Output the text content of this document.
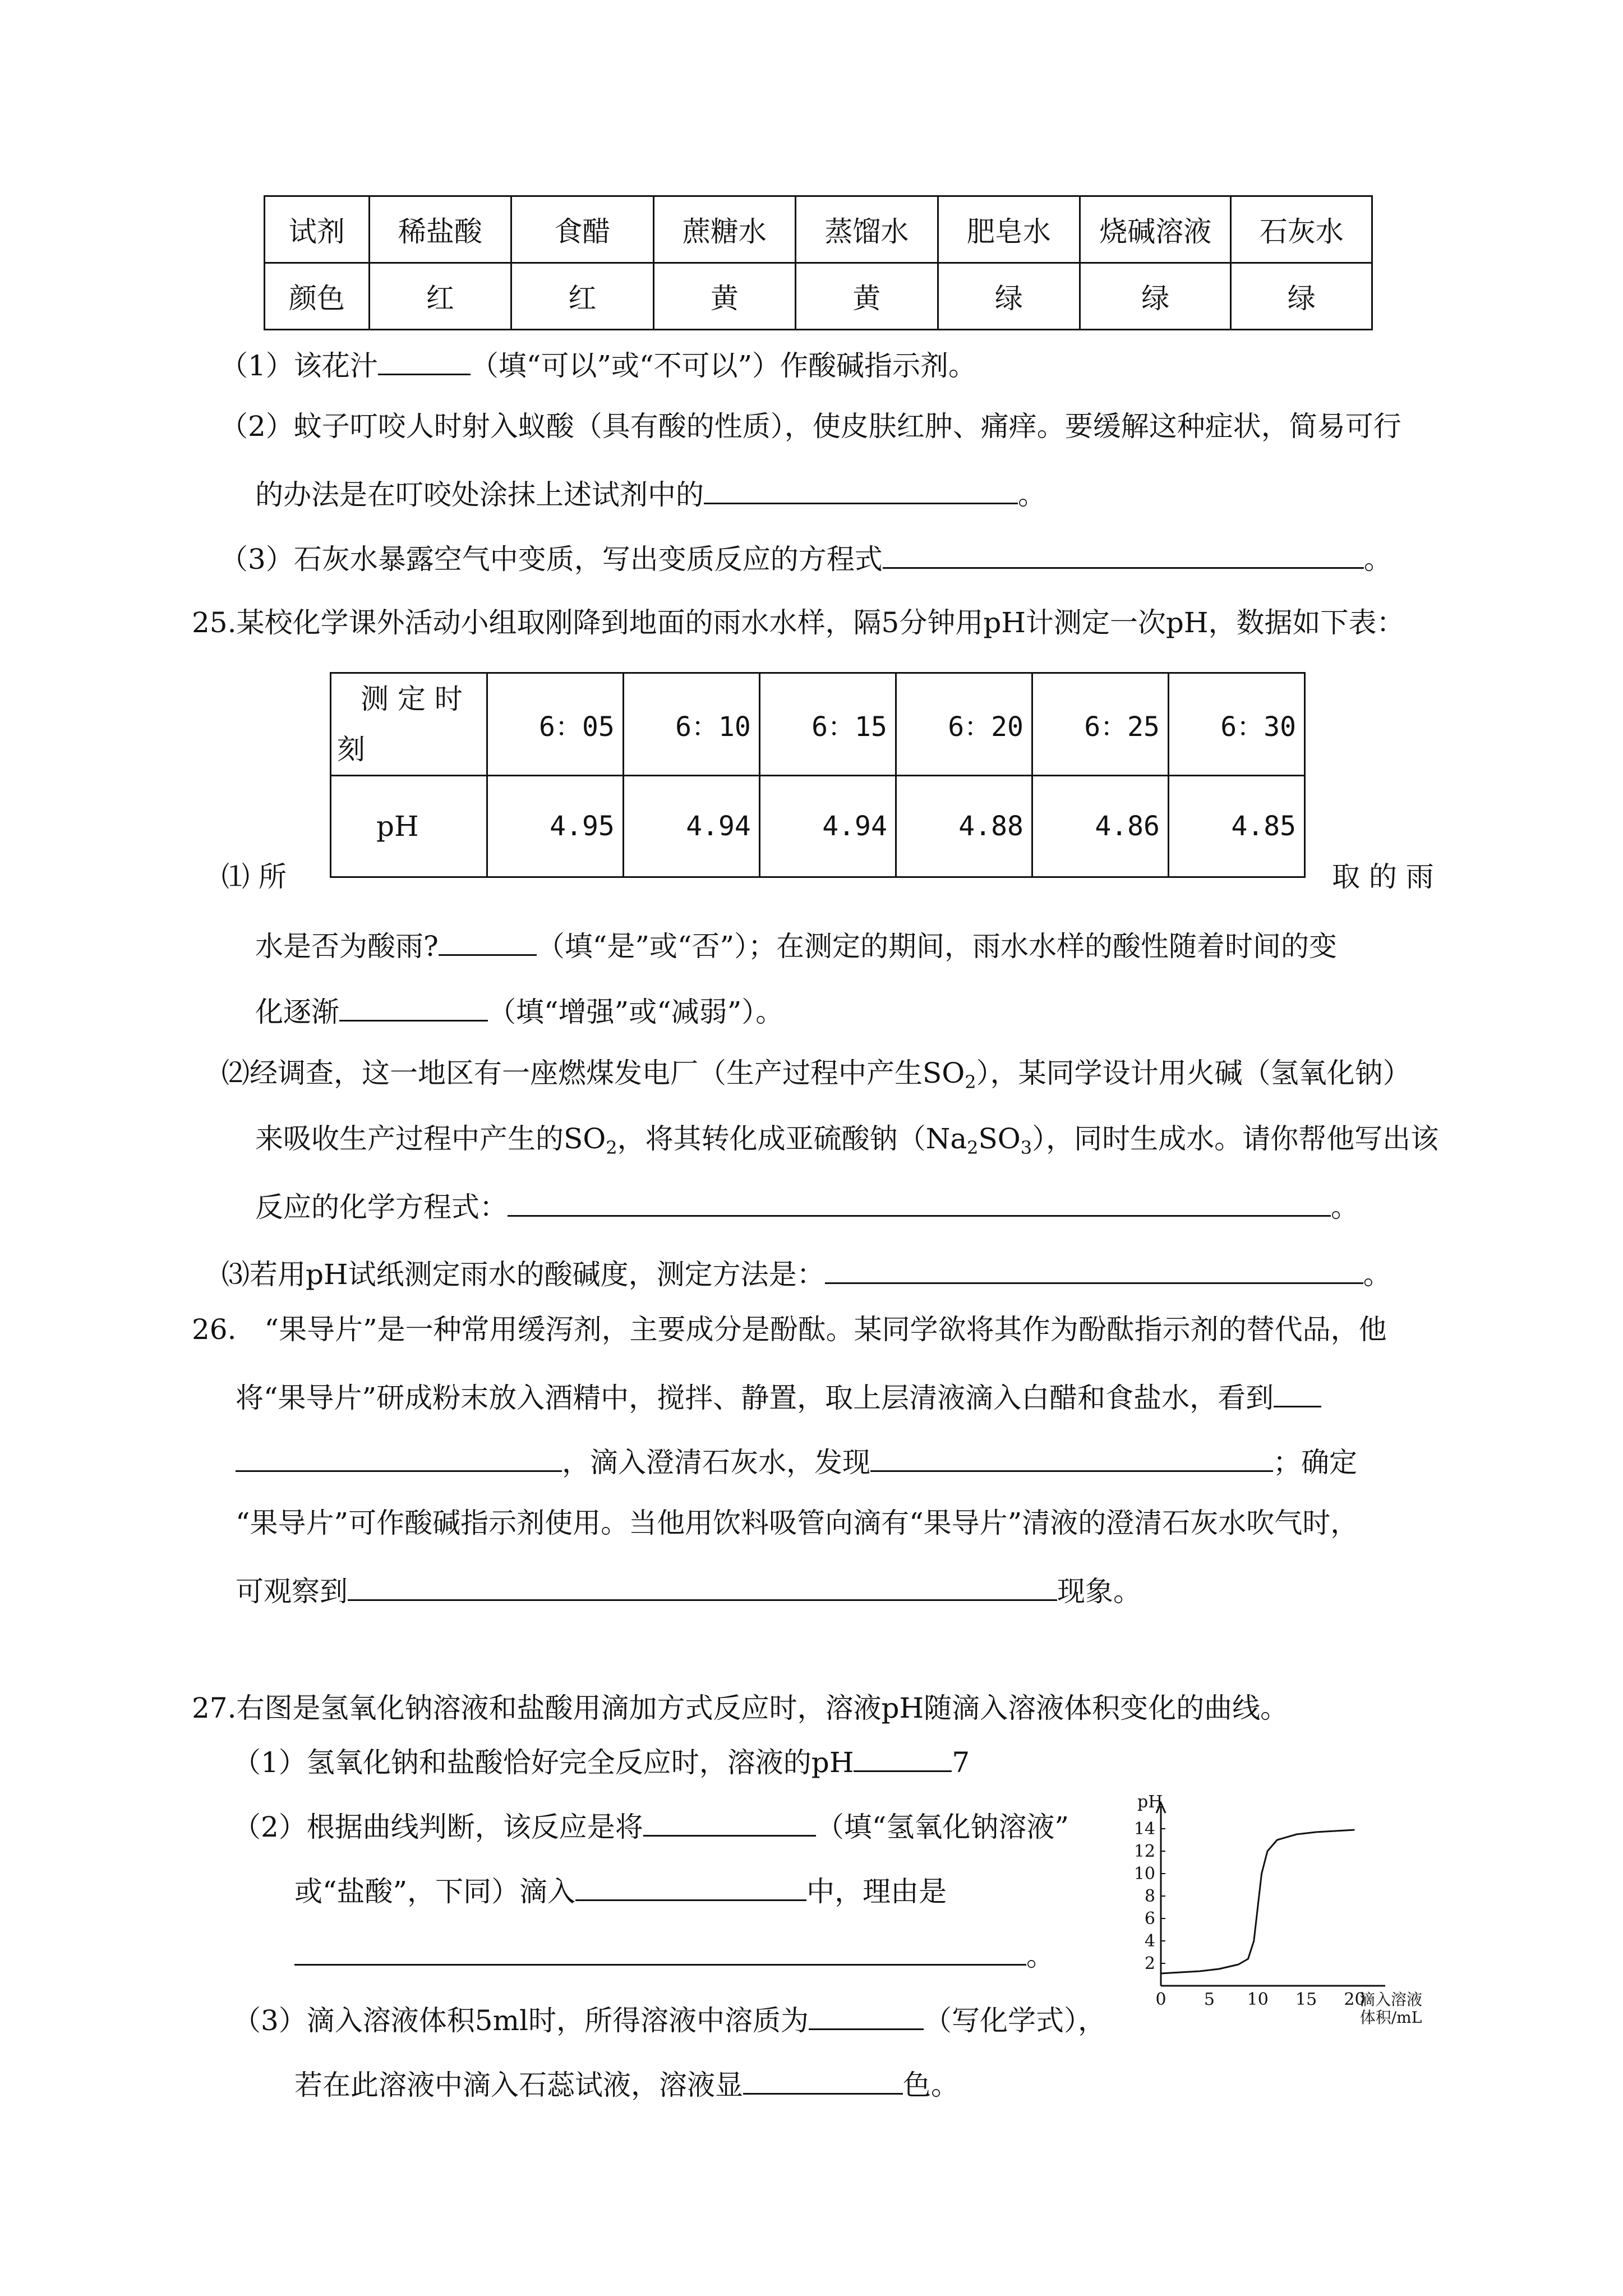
试剂	稀盐酸	食醋	蔗糖水	蒸馏水	肥皂水	烧碱溶液	石灰水
颜色	红	红	黄	黄	绿	绿	绿
（1）该花汁	（填“可以”或“不可以”）作酸碱指示剂。
（2）蚊子叮咬人时射入蚁酸（具有酸的性质），使皮肤红肿、痛痒。要缓解这种症状，简易可行
的办法是在叮咬处涂抹上述试剂中的	。
（3）石灰水暴露空气中变质，写出变质反应的方程式	。
25.某校化学课外活动小组取刚降到地面的雨水水样，隔5分钟用pH计测定一次pH，数据如下表：
测 定 时
刻	6：05	6：10	6：15	6：20	6：25	6：30
pH	4.95	4.94	4.94	4.88	4.86	4.85
⑴ 所	取 的 雨
水是否为酸雨?	（填“是”或“否”）；在测定的期间，雨水水样的酸性随着时间的变
化逐渐	（填“增强”或“减弱”）。
⑵经调查，这一地区有一座燃煤发电厂（生产过程中产生$SO_2$），某同学设计用火碱（氢氧化钠）
来吸收生产过程中产生的$SO_2$，将其转化成亚硫酸钠$(Na_2SO_3)$，同时生成水。请你帮他写出该
反应的化学方程式：	。
⑶若用pH试纸测定雨水的酸碱度，测定方法是：	。
26.　“果导片”是一种常用缓泻剂，主要成分是酚酞。某同学欲将其作为酚酞指示剂的替代品，他
将“果导片”研成粉末放入酒精中，搅拌、静置，取上层清液滴入白醋和食盐水，看到
，滴入澄清石灰水，发现	；确定
“果导片”可作酸碱指示剂使用。当他用饮料吸管向滴有“果导片”清液的澄清石灰水吹气时，
可观察到	现象。
27.右图是氢氧化钠溶液和盐酸用滴加方式反应时，溶液pH随滴入溶液体积变化的曲线。
（1）氢氧化钠和盐酸恰好完全反应时，溶液的pH	7
（2）根据曲线判断，该反应是将	（填“氢氧化钠溶液”
或“盐酸”，下同）滴入	中，理由是
。
（3）滴入溶液体积5ml时，所得溶液中溶质为	（写化学式），
若在此溶液中滴入石蕊试液，溶液显	色。
pH
2
4
6
8
10
12
14
0 5 10 15 20
滴入溶液
体积/mL
